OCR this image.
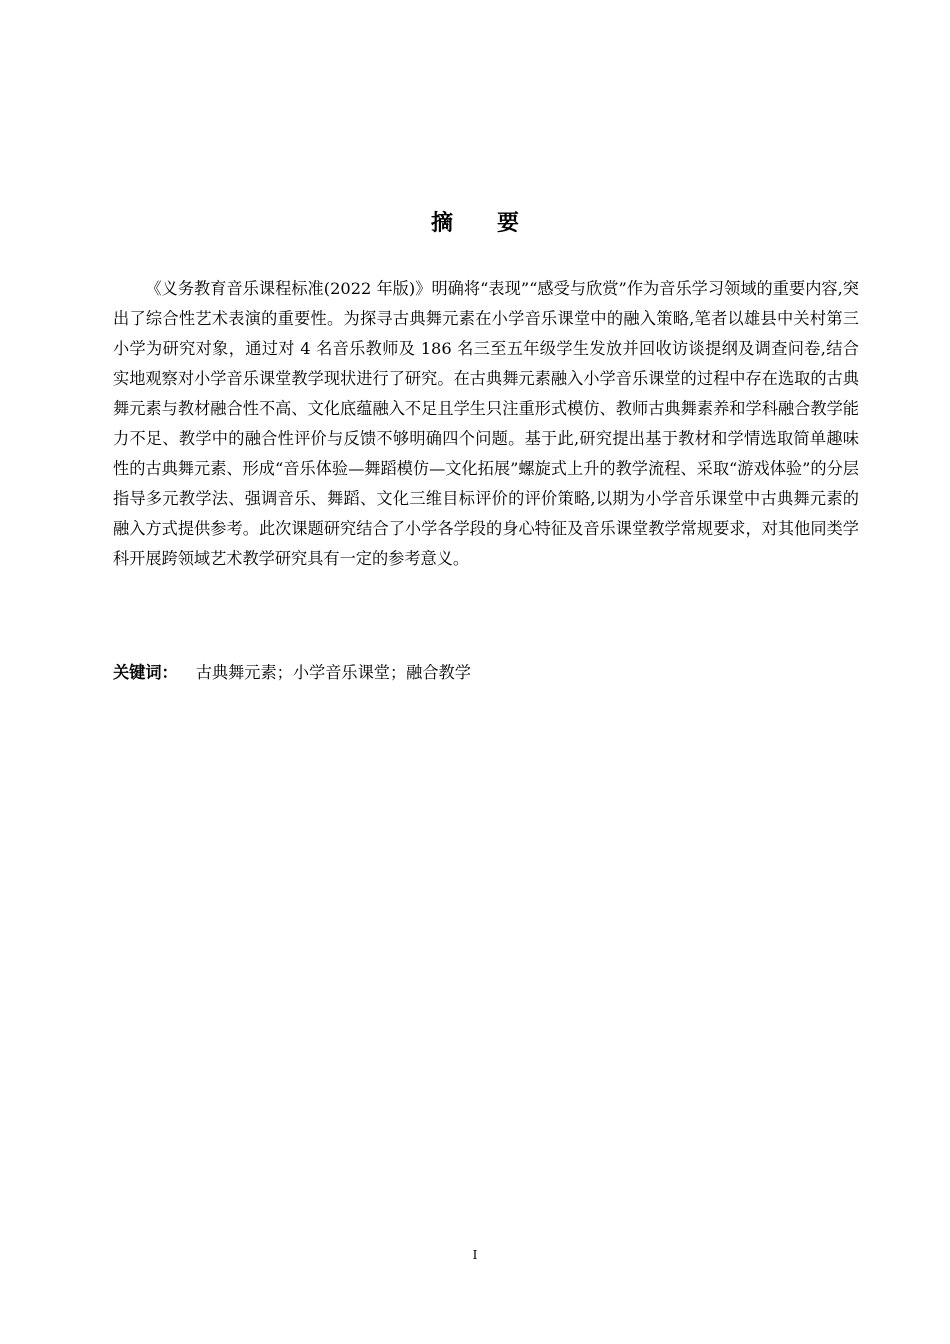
摘要

《义务教育音乐课程标准(2022 年版)》明确将“表现”“感受与欣赏”作为音乐学习领域的重要内容,突出了综合性艺术表演的重要性。为探寻古典舞元素在小学音乐课堂中的融入策略,笔者以雄县中关村第三小学为研究对象，通过对 4 名音乐教师及 186 名三至五年级学生发放并回收访谈提纲及调查问卷,结合实地观察对小学音乐课堂教学现状进行了研究。在古典舞元素融入小学音乐课堂的过程中存在选取的古典舞元素与教材融合性不高、文化底蕴融入不足且学生只注重形式模仿、教师古典舞素养和学科融合教学能力不足、教学中的融合性评价与反馈不够明确四个问题。基于此,研究提出基于教材和学情选取简单趣味性的古典舞元素、形成“音乐体验—舞蹈模仿—文化拓展”螺旋式上升的教学流程、采取“游戏体验”的分层指导多元教学法、强调音乐、舞蹈、文化三维目标评价的评价策略,以期为小学音乐课堂中古典舞元素的融入方式提供参考。此次课题研究结合了小学各学段的身心特征及音乐课堂教学常规要求，对其他同类学科开展跨领域艺术教学研究具有一定的参考意义。

关键词： 古典舞元素；小学音乐课堂；融合教学
I
